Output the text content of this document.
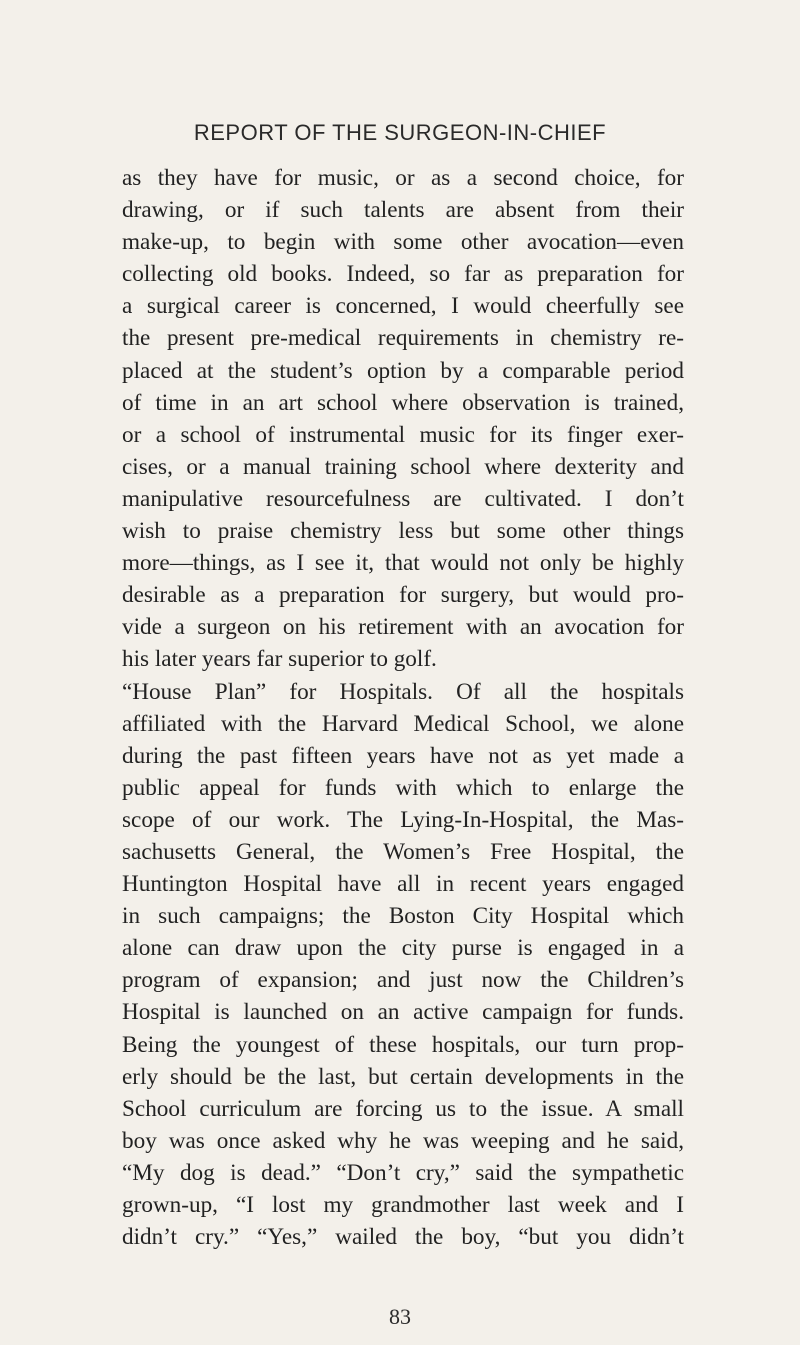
REPORT OF THE SURGEON-IN-CHIEF
as they have for music, or as a second choice, for
drawing, or if such talents are absent from their
make-up, to begin with some other avocation—even
collecting old books. Indeed, so far as preparation for
a surgical career is concerned, I would cheerfully see
the present pre-medical requirements in chemistry re-
placed at the student’s option by a comparable period
of time in an art school where observation is trained,
or a school of instrumental music for its finger exer-
cises, or a manual training school where dexterity and
manipulative resourcefulness are cultivated. I don’t
wish to praise chemistry less but some other things
more—things, as I see it, that would not only be highly
desirable as a preparation for surgery, but would pro-
vide a surgeon on his retirement with an avocation for
his later years far superior to golf.
“House Plan” for Hospitals. Of all the hospitals
affiliated with the Harvard Medical School, we alone
during the past fifteen years have not as yet made a
public appeal for funds with which to enlarge the
scope of our work. The Lying-In-Hospital, the Mas-
sachusetts General, the Women’s Free Hospital, the
Huntington Hospital have all in recent years engaged
in such campaigns; the Boston City Hospital which
alone can draw upon the city purse is engaged in a
program of expansion; and just now the Children’s
Hospital is launched on an active campaign for funds.
Being the youngest of these hospitals, our turn prop-
erly should be the last, but certain developments in the
School curriculum are forcing us to the issue. A small
boy was once asked why he was weeping and he said,
“My dog is dead.” “Don’t cry,” said the sympathetic
grown-up, “I lost my grandmother last week and I
didn’t cry.” “Yes,” wailed the boy, “but you didn’t
83
